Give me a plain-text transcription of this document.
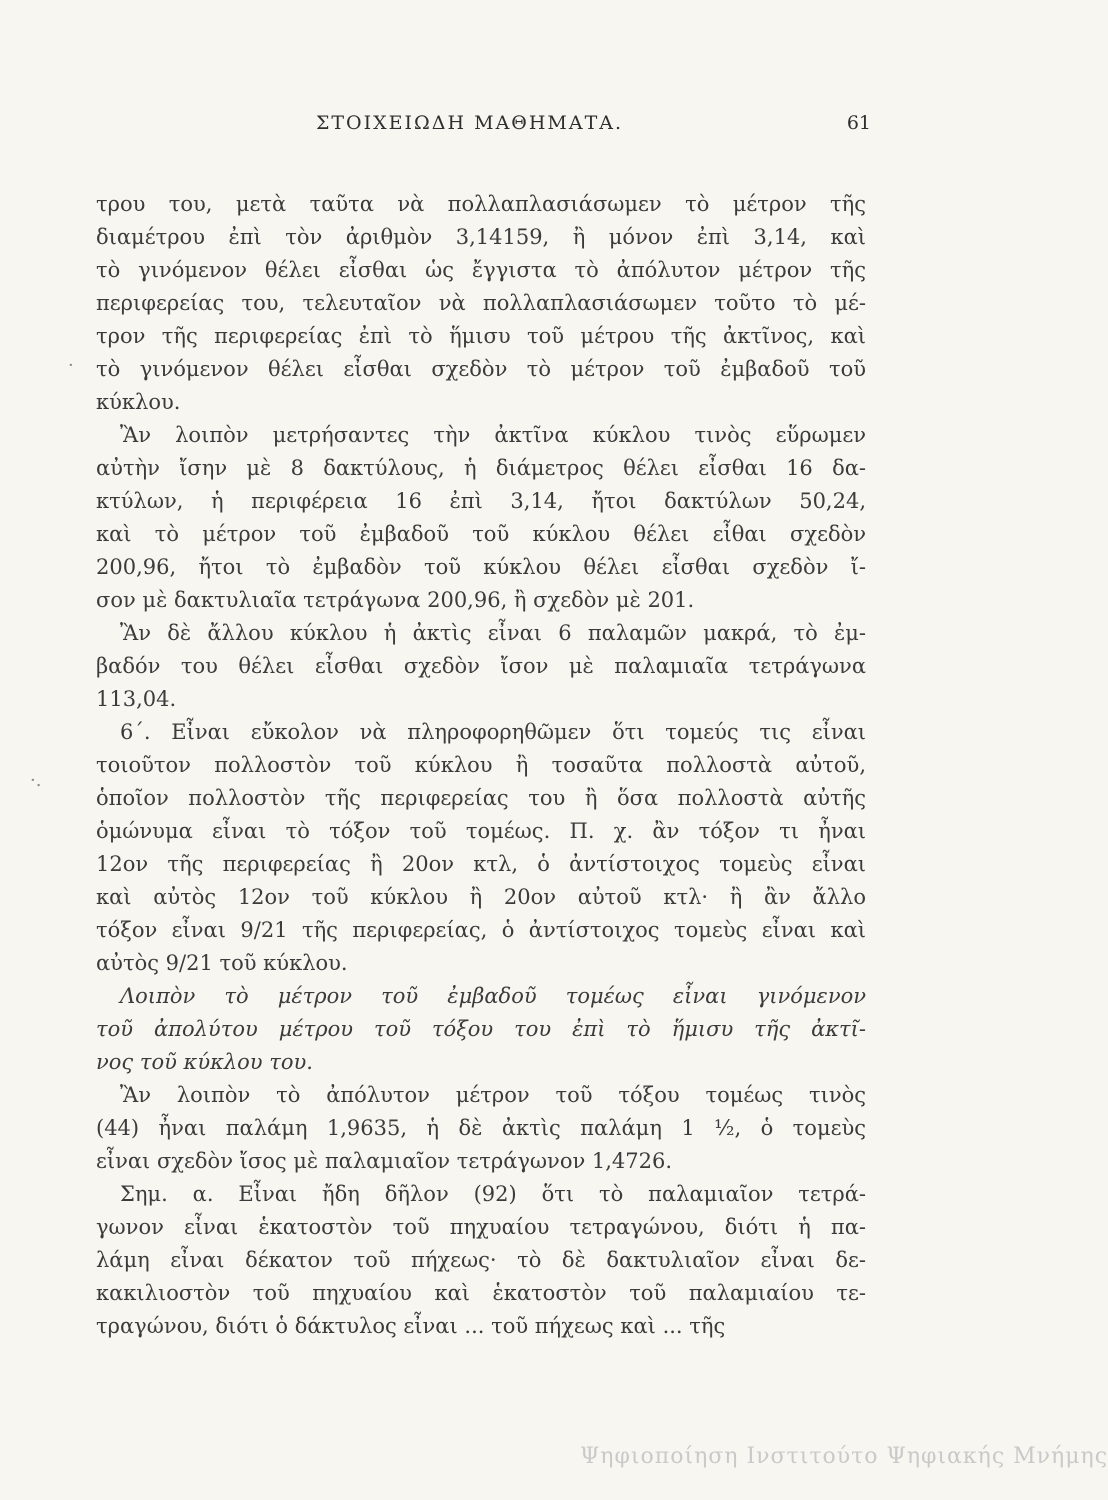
ΣΤΟΙΧΕΙΩΔΗ ΜΑΘΗΜΑΤΑ.	61
τρου του, μετὰ ταῦτα νὰ πολλαπλασιάσωμεν τὸ μέτρον τῆς
διαμέτρου ἐπὶ τὸν ἀριθμὸν 3,14159, ἢ μόνον ἐπὶ 3,14, καὶ
τὸ γινόμενον θέλει εἶσθαι ὡς ἔγγιστα τὸ ἀπόλυτον μέτρον τῆς
περιφερείας του, τελευταῖον νὰ πολλαπλασιάσωμεν τοῦτο τὸ μέ-
τρον τῆς περιφερείας ἐπὶ τὸ ἥμισυ τοῦ μέτρου τῆς ἀκτῖνος, καὶ
τὸ γινόμενον θέλει εἶσθαι σχεδὸν τὸ μέτρον τοῦ ἐμβαδοῦ τοῦ
κύκλου.
Ἂν λοιπὸν μετρήσαντες τὴν ἀκτῖνα κύκλου τινὸς εὕρωμεν
αὐτὴν ἴσην μὲ 8 δακτύλους, ἡ διάμετρος θέλει εἶσθαι 16 δα-
κτύλων, ἡ περιφέρεια 16 ἐπὶ 3,14, ἤτοι δακτύλων 50,24,
καὶ τὸ μέτρον τοῦ ἐμβαδοῦ τοῦ κύκλου θέλει εἶθαι σχεδὸν
200,96, ἤτοι τὸ ἐμβαδὸν τοῦ κύκλου θέλει εἶσθαι σχεδὸν ἴ-
σον μὲ δακτυλιαῖα τετράγωνα 200,96, ἢ σχεδὸν μὲ 201.
Ἂν δὲ ἄλλου κύκλου ἡ ἀκτὶς εἶναι 6 παλαμῶν μακρά, τὸ ἐμ-
βαδόν του θέλει εἶσθαι σχεδὸν ἴσον μὲ παλαμιαῖα τετράγωνα
113,04.
6΄. Εἶναι εὔκολον νὰ πληροφορηθῶμεν ὅτι τομεύς τις εἶναι
τοιοῦτον πολλοστὸν τοῦ κύκλου ἢ τοσαῦτα πολλοστὰ αὐτοῦ,
ὁποῖον πολλοστὸν τῆς περιφερείας του ἢ ὅσα πολλοστὰ αὐτῆς
ὁμώνυμα εἶναι τὸ τόξον τοῦ τομέως. Π. χ. ἂν τόξον τι ἦναι
12ον τῆς περιφερείας ἢ 20ον κτλ, ὁ ἀντίστοιχος τομεὺς εἶναι
καὶ αὐτὸς 12ον τοῦ κύκλου ἢ 20ον αὐτοῦ κτλ· ἢ ἂν ἄλλο
τόξον εἶναι 9/21 τῆς περιφερείας, ὁ ἀντίστοιχος τομεὺς εἶναι καὶ
αὐτὸς 9/21 τοῦ κύκλου.
Λοιπὸν τὸ μέτρον τοῦ ἐμβαδοῦ τομέως εἶναι γινόμενον
τοῦ ἀπολύτου μέτρου τοῦ τόξου του ἐπὶ τὸ ἥμισυ τῆς ἀκτῖ-
νος τοῦ κύκλου του.
Ἂν λοιπὸν τὸ ἀπόλυτον μέτρον τοῦ τόξου τομέως τινὸς
(44) ἦναι παλάμη 1,9635, ἡ δὲ ἀκτὶς παλάμη 1 ½, ὁ τομεὺς
εἶναι σχεδὸν ἴσος μὲ παλαμιαῖον τετράγωνον 1,4726.
Σημ. α. Εἶναι ἤδη δῆλον (92) ὅτι τὸ παλαμιαῖον τετρά-
γωνον εἶναι ἑκατοστὸν τοῦ πηχυαίου τετραγώνου, διότι ἡ πα-
λάμη εἶναι δέκατον τοῦ πήχεως· τὸ δὲ δακτυλιαῖον εἶναι δε-
κακιλιοστὸν τοῦ πηχυαίου καὶ ἑκατοστὸν τοῦ παλαμιαίου τε-
τραγώνου, διότι ὁ δάκτυλος εἶναι ... τοῦ πήχεως καὶ ... τῆς
·.
·
Ψηφιοποίηση Ινστιτούτο Ψηφιακής Μνήμης
